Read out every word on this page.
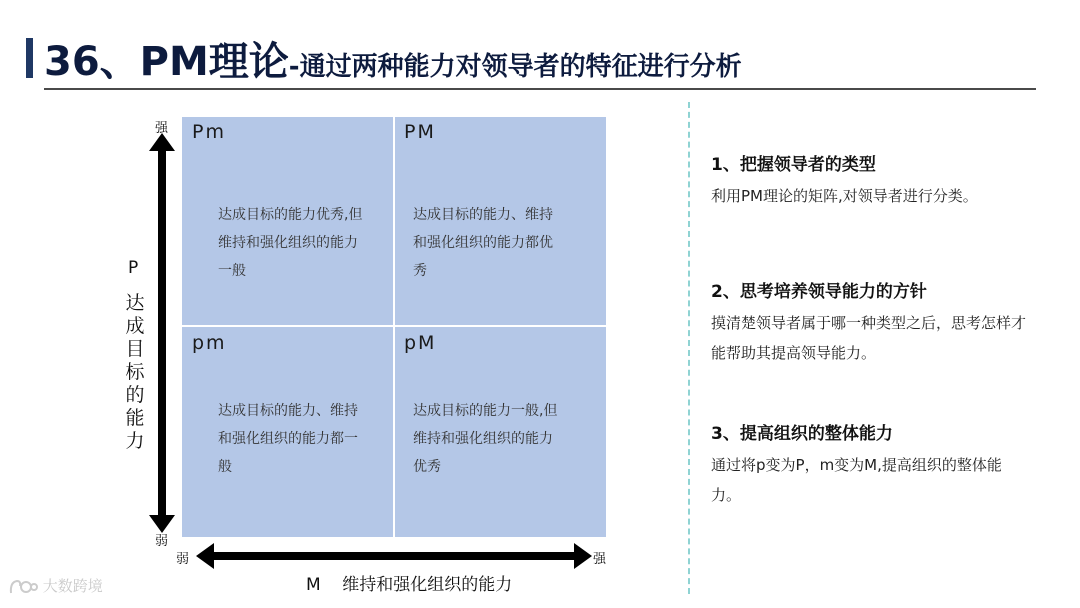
36、PM理论-通过两种能力对领导者的特征进行分析
Pm
达成目标的能力优秀,但维持和强化组织的能力一般
PM
达成目标的能力、维持和强化组织的能力都优秀
pm
达成目标的能力、维持和强化组织的能力都一般
pM
达成目标的能力一般,但维持和强化组织的能力优秀
强
弱
P
达成目标的能力
弱	强
M    维持和强化组织的能力
1、把握领导者的类型
利用PM理论的矩阵,对领导者进行分类。
2、思考培养领导能力的方针
摸清楚领导者属于哪一种类型之后，思考怎样才能帮助其提高领导能力。
3、提高组织的整体能力
通过将p变为P，m变为M,提高组织的整体能力。
大数跨境
